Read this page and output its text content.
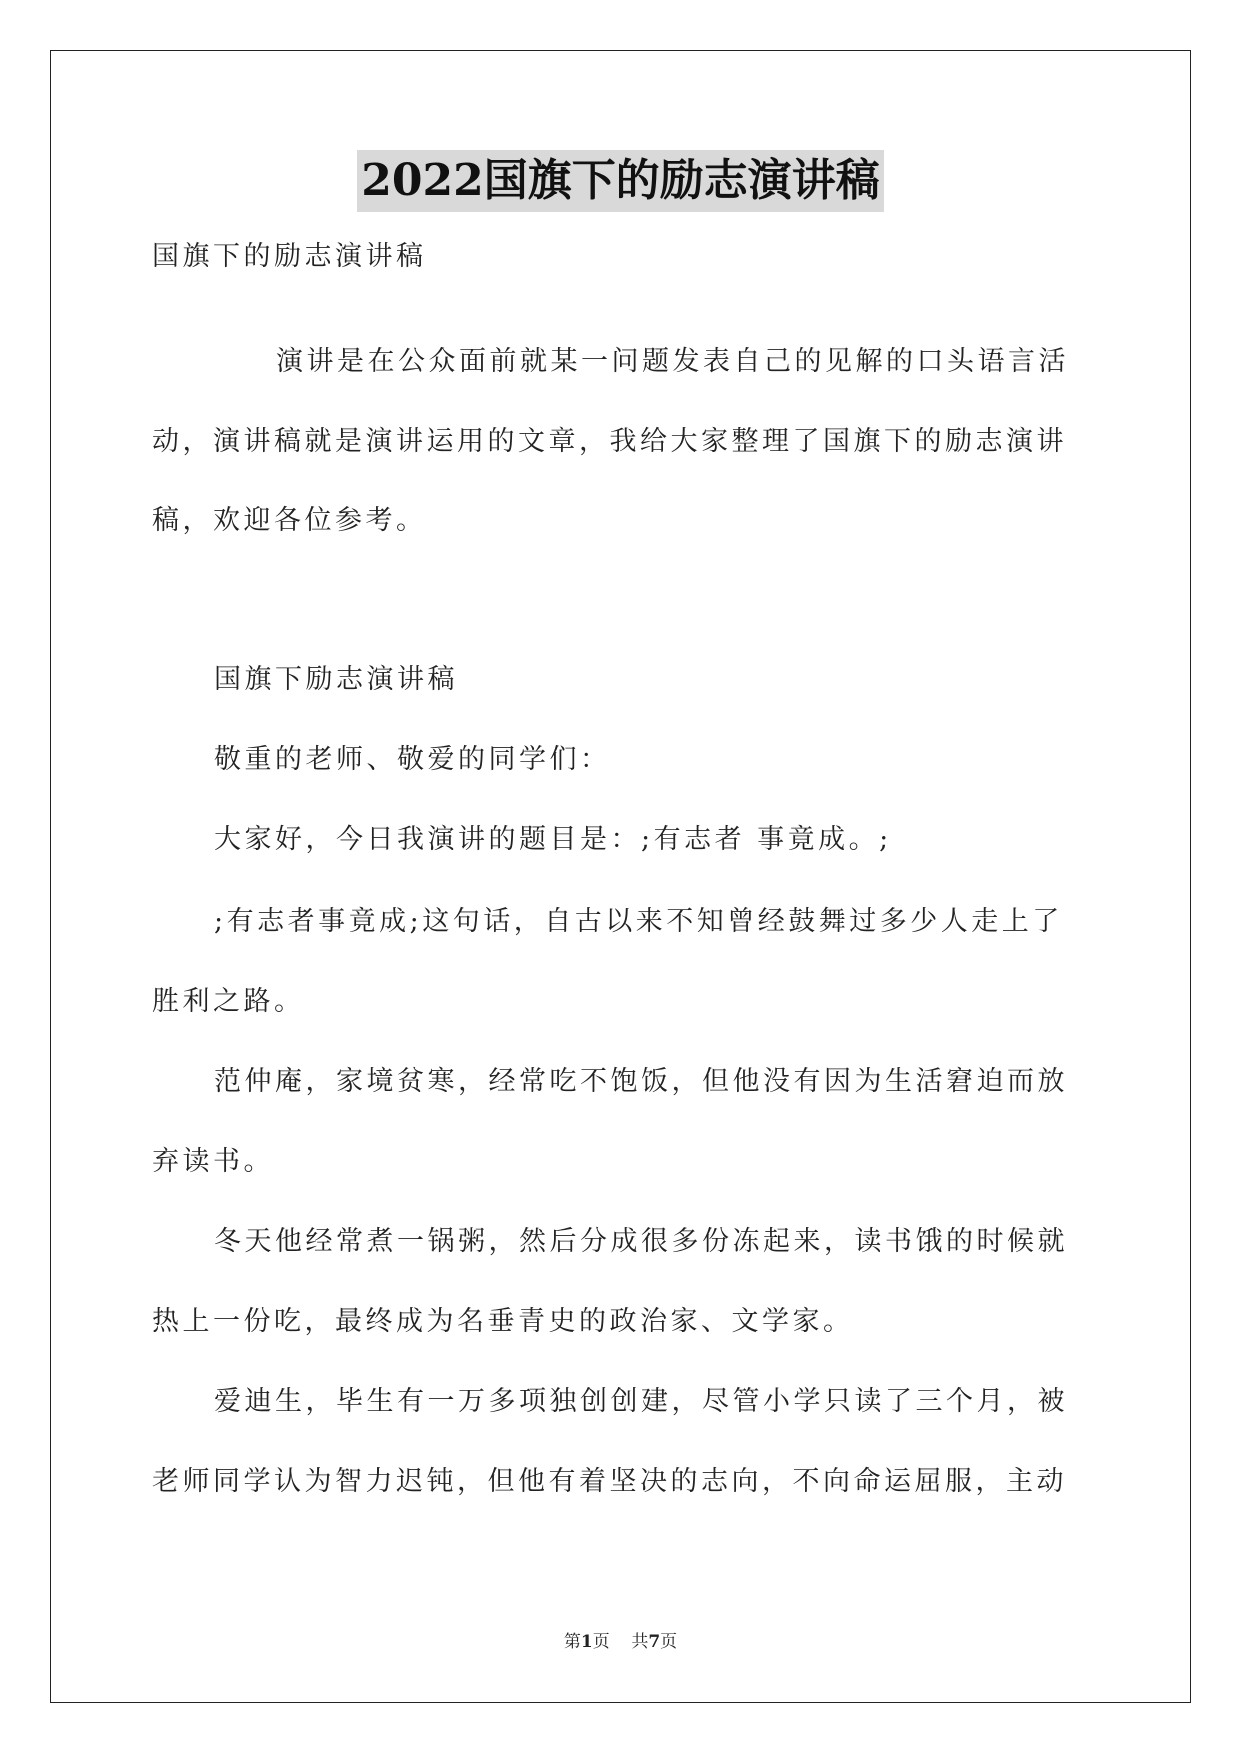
2022国旗下的励志演讲稿
国旗下的励志演讲稿
演讲是在公众面前就某一问题发表自己的见解的口头语言活
动，演讲稿就是演讲运用的文章，我给大家整理了国旗下的励志演讲
稿，欢迎各位参考。
国旗下励志演讲稿
敬重的老师、敬爱的同学们：
大家好，今日我演讲的题目是：;有志者 事竟成。;
;有志者事竟成;这句话，自古以来不知曾经鼓舞过多少人走上了
胜利之路。
范仲庵，家境贫寒，经常吃不饱饭，但他没有因为生活窘迫而放
弃读书。
冬天他经常煮一锅粥，然后分成很多份冻起来，读书饿的时候就
热上一份吃，最终成为名垂青史的政治家、文学家。
爱迪生，毕生有一万多项独创创建，尽管小学只读了三个月，被
老师同学认为智力迟钝，但他有着坚决的志向，不向命运屈服，主动
第1页 共7页
